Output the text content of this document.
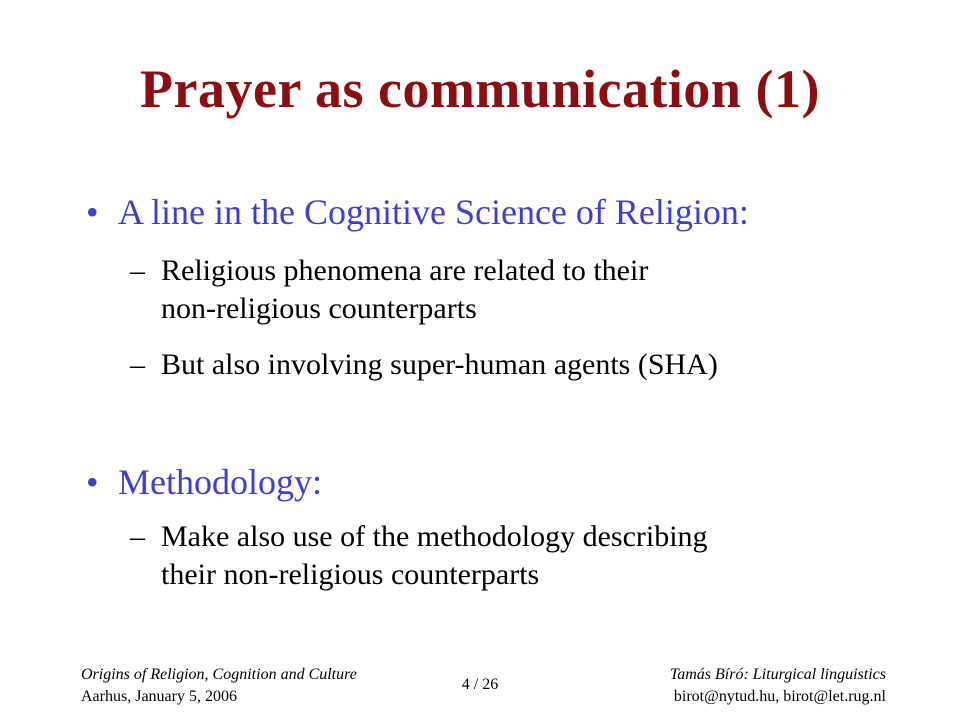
Prayer as communication (1)
• A line in the Cognitive Science of Religion:
– Religious phenomena are related to their
non-religious counterparts
– But also involving super-human agents (SHA)
• Methodology:
– Make also use of the methodology describing
their non-religious counterparts
Origins of Religion, Cognition and Culture
Aarhus, January 5, 2006
4 / 26
Tamás Bíró: Liturgical linguistics
birot@nytud.hu, birot@let.rug.nl
